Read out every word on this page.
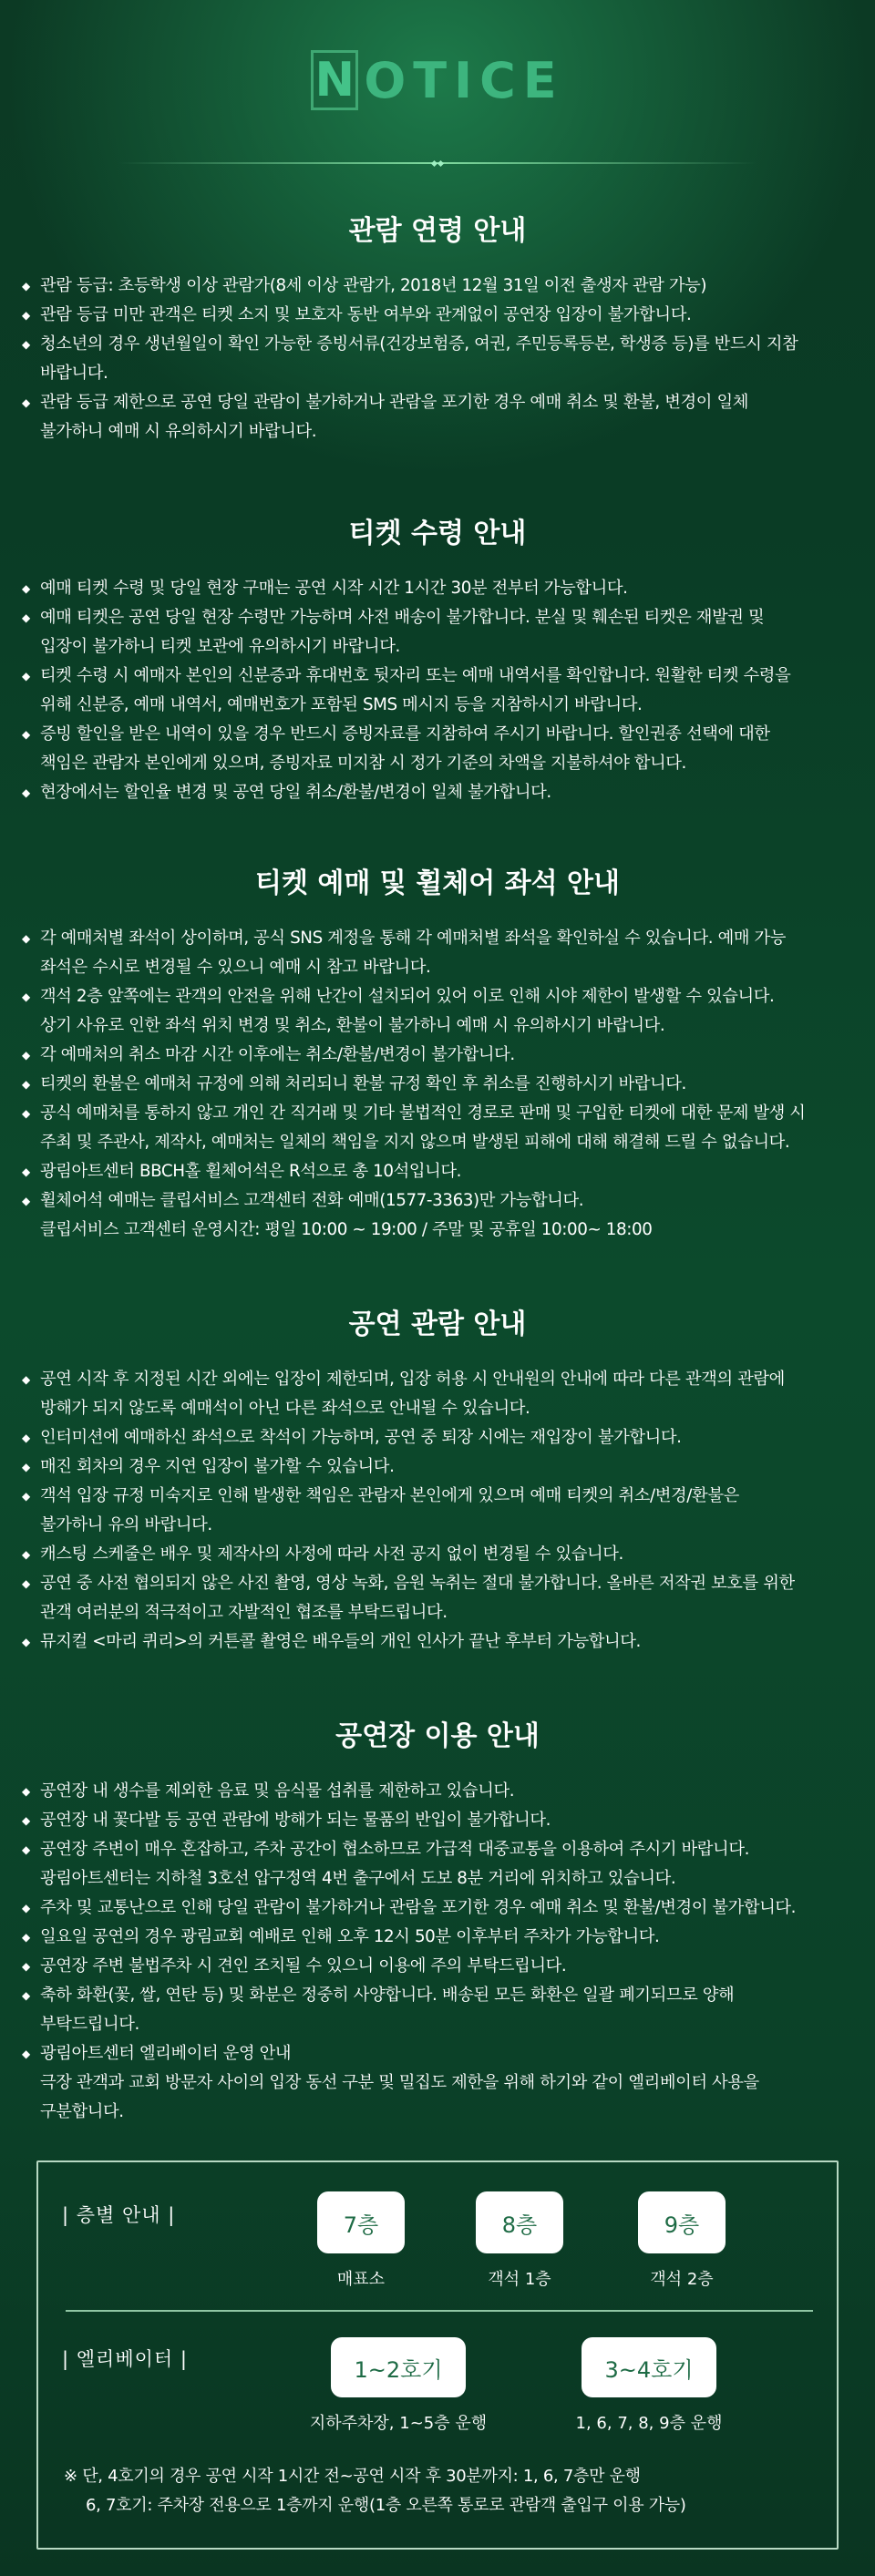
N OTICE
관람 연령 안내
◆ 관람 등급: 초등학생 이상 관람가(8세 이상 관람가, 2018년 12월 31일 이전 출생자 관람 가능)
◆ 관람 등급 미만 관객은 티켓 소지 및 보호자 동반 여부와 관계없이 공연장 입장이 불가합니다.
◆ 청소년의 경우 생년월일이 확인 가능한 증빙서류(건강보험증, 여권, 주민등록등본, 학생증 등)를 반드시 지참
바랍니다.
◆ 관람 등급 제한으로 공연 당일 관람이 불가하거나 관람을 포기한 경우 예매 취소 및 환불, 변경이 일체
불가하니 예매 시 유의하시기 바랍니다.
티켓 수령 안내
◆ 예매 티켓 수령 및 당일 현장 구매는 공연 시작 시간 1시간 30분 전부터 가능합니다.
◆ 예매 티켓은 공연 당일 현장 수령만 가능하며 사전 배송이 불가합니다. 분실 및 훼손된 티켓은 재발권 및
입장이 불가하니 티켓 보관에 유의하시기 바랍니다.
◆ 티켓 수령 시 예매자 본인의 신분증과 휴대번호 뒷자리 또는 예매 내역서를 확인합니다. 원활한 티켓 수령을
위해 신분증, 예매 내역서, 예매번호가 포함된 SMS 메시지 등을 지참하시기 바랍니다.
◆ 증빙 할인을 받은 내역이 있을 경우 반드시 증빙자료를 지참하여 주시기 바랍니다. 할인권종 선택에 대한
책임은 관람자 본인에게 있으며, 증빙자료 미지참 시 정가 기준의 차액을 지불하셔야 합니다.
◆ 현장에서는 할인율 변경 및 공연 당일 취소/환불/변경이 일체 불가합니다.
티켓 예매 및 휠체어 좌석 안내
◆ 각 예매처별 좌석이 상이하며, 공식 SNS 계정을 통해 각 예매처별 좌석을 확인하실 수 있습니다. 예매 가능
좌석은 수시로 변경될 수 있으니 예매 시 참고 바랍니다.
◆ 객석 2층 앞쪽에는 관객의 안전을 위해 난간이 설치되어 있어 이로 인해 시야 제한이 발생할 수 있습니다.
상기 사유로 인한 좌석 위치 변경 및 취소, 환불이 불가하니 예매 시 유의하시기 바랍니다.
◆ 각 예매처의 취소 마감 시간 이후에는 취소/환불/변경이 불가합니다.
◆ 티켓의 환불은 예매처 규정에 의해 처리되니 환불 규정 확인 후 취소를 진행하시기 바랍니다.
◆ 공식 예매처를 통하지 않고 개인 간 직거래 및 기타 불법적인 경로로 판매 및 구입한 티켓에 대한 문제 발생 시
주최 및 주관사, 제작사, 예매처는 일체의 책임을 지지 않으며 발생된 피해에 대해 해결해 드릴 수 없습니다.
◆ 광림아트센터 BBCH홀 휠체어석은 R석으로 총 10석입니다.
◆ 휠체어석 예매는 클립서비스 고객센터 전화 예매(1577-3363)만 가능합니다.
클립서비스 고객센터 운영시간: 평일 10:00 ~ 19:00 / 주말 및 공휴일 10:00~ 18:00
공연 관람 안내
◆ 공연 시작 후 지정된 시간 외에는 입장이 제한되며, 입장 허용 시 안내원의 안내에 따라 다른 관객의 관람에
방해가 되지 않도록 예매석이 아닌 다른 좌석으로 안내될 수 있습니다.
◆ 인터미션에 예매하신 좌석으로 착석이 가능하며, 공연 중 퇴장 시에는 재입장이 불가합니다.
◆ 매진 회차의 경우 지연 입장이 불가할 수 있습니다.
◆ 객석 입장 규정 미숙지로 인해 발생한 책임은 관람자 본인에게 있으며 예매 티켓의 취소/변경/환불은
불가하니 유의 바랍니다.
◆ 캐스팅 스케줄은 배우 및 제작사의 사정에 따라 사전 공지 없이 변경될 수 있습니다.
◆ 공연 중 사전 협의되지 않은 사진 촬영, 영상 녹화, 음원 녹취는 절대 불가합니다. 올바른 저작권 보호를 위한
관객 여러분의 적극적이고 자발적인 협조를 부탁드립니다.
◆ 뮤지컬 <마리 퀴리>의 커튼콜 촬영은 배우들의 개인 인사가 끝난 후부터 가능합니다.
공연장 이용 안내
◆ 공연장 내 생수를 제외한 음료 및 음식물 섭취를 제한하고 있습니다.
◆ 공연장 내 꽃다발 등 공연 관람에 방해가 되는 물품의 반입이 불가합니다.
◆ 공연장 주변이 매우 혼잡하고, 주차 공간이 협소하므로 가급적 대중교통을 이용하여 주시기 바랍니다.
광림아트센터는 지하철 3호선 압구정역 4번 출구에서 도보 8분 거리에 위치하고 있습니다.
◆ 주차 및 교통난으로 인해 당일 관람이 불가하거나 관람을 포기한 경우 예매 취소 및 환불/변경이 불가합니다.
◆ 일요일 공연의 경우 광림교회 예배로 인해 오후 12시 50분 이후부터 주차가 가능합니다.
◆ 공연장 주변 불법주차 시 견인 조치될 수 있으니 이용에 주의 부탁드립니다.
◆ 축하 화환(꽃, 쌀, 연탄 등) 및 화분은 정중히 사양합니다. 배송된 모든 화환은 일괄 폐기되므로 양해
부탁드립니다.
◆ 광림아트센터 엘리베이터 운영 안내
극장 관객과 교회 방문자 사이의 입장 동선 구분 및 밀집도 제한을 위해 하기와 같이 엘리베이터 사용을
구분합니다.
| 층별 안내 |	7층
매표소
8층
객석 1층
9층
객석 2층
| 엘리베이터 |	1~2호기
지하주차장, 1~5층 운행
3~4호기
1, 6, 7, 8, 9층 운행
※ 단, 4호기의 경우 공연 시작 1시간 전~공연 시작 후 30분까지: 1, 6, 7층만 운행
6, 7호기: 주차장 전용으로 1층까지 운행(1층 오른쪽 통로로 관람객 출입구 이용 가능)
